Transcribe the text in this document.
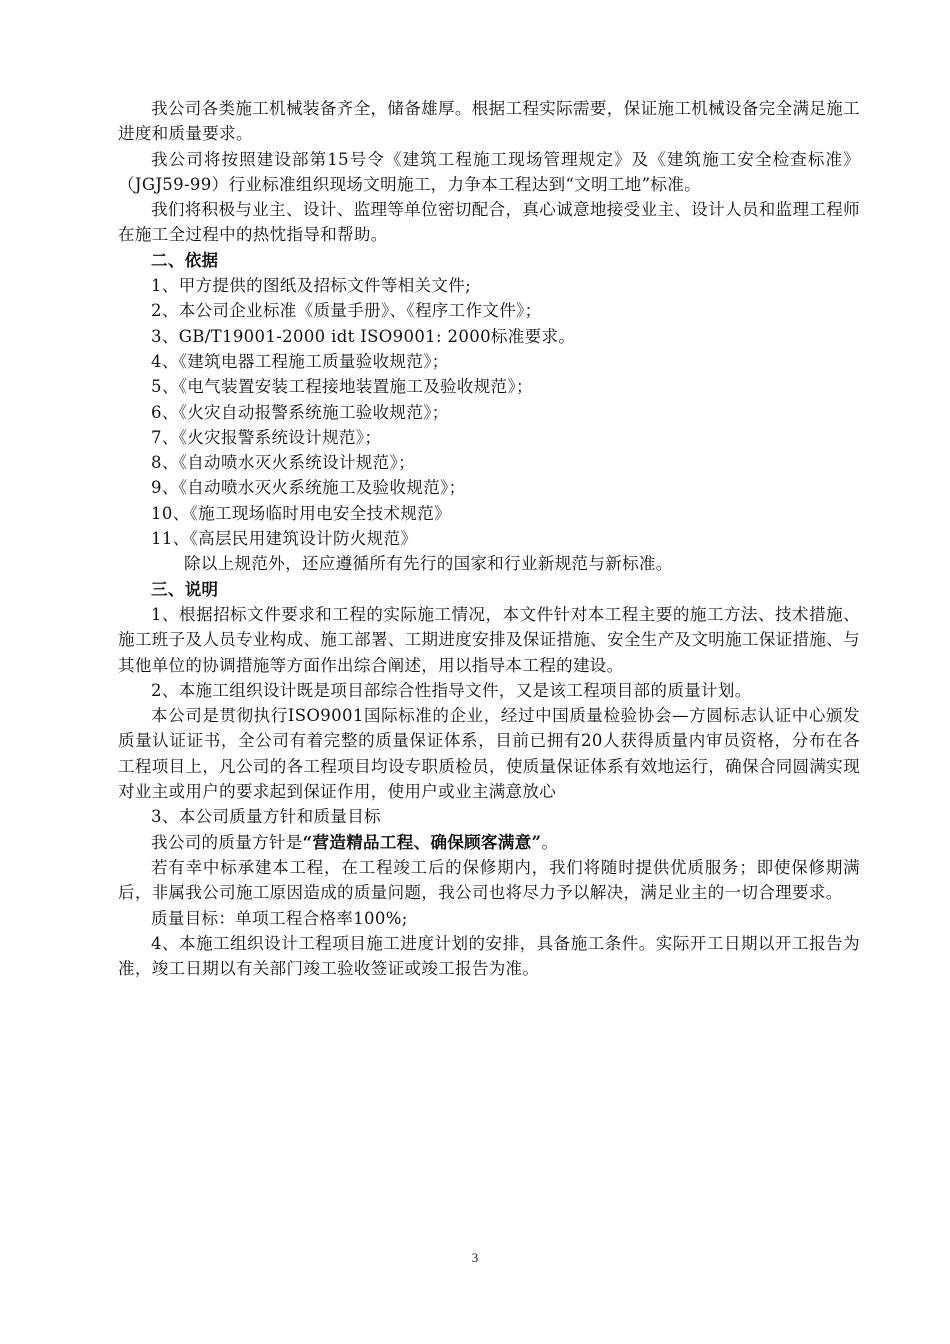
我公司各类施工机械装备齐全，储备雄厚。根据工程实际需要，保证施工机械设备完全满足施工进度和质量要求。

我公司将按照建设部第15号令《建筑工程施工现场管理规定》及《建筑施工安全检查标准》（JGJ59-99）行业标准组织现场文明施工，力争本工程达到“文明工地”标准。

我们将积极与业主、设计、监理等单位密切配合，真心诚意地接受业主、设计人员和监理工程师在施工全过程中的热忱指导和帮助。

二、依据

1、甲方提供的图纸及招标文件等相关文件;

2、本公司企业标准《质量手册》、《程序工作文件》；

3、GB/T19001-2000 idt ISO9001: 2000标准要求。

4、《建筑电器工程施工质量验收规范》；

5、《电气装置安装工程接地装置施工及验收规范》；

6、《火灾自动报警系统施工验收规范》；

7、《火灾报警系统设计规范》；

8、《自动喷水灭火系统设计规范》；

9、《自动喷水灭火系统施工及验收规范》；

10、《施工现场临时用电安全技术规范》

11、《高层民用建筑设计防火规范》

除以上规范外，还应遵循所有先行的国家和行业新规范与新标准。

三、说明

1、根据招标文件要求和工程的实际施工情况，本文件针对本工程主要的施工方法、技术措施、施工班子及人员专业构成、施工部署、工期进度安排及保证措施、安全生产及文明施工保证措施、与其他单位的协调措施等方面作出综合阐述，用以指导本工程的建设。

2、本施工组织设计既是项目部综合性指导文件，又是该工程项目部的质量计划。

本公司是贯彻执行ISO9001国际标准的企业，经过中国质量检验协会—方圆标志认证中心颁发质量认证证书，全公司有着完整的质量保证体系，目前已拥有20人获得质量内审员资格，分布在各工程项目上，凡公司的各工程项目均设专职质检员，使质量保证体系有效地运行，确保合同圆满实现对业主或用户的要求起到保证作用，使用户或业主满意放心

3、本公司质量方针和质量目标

我公司的质量方针是“营造精品工程、确保顾客满意”。

若有幸中标承建本工程，在工程竣工后的保修期内，我们将随时提供优质服务；即使保修期满后，非属我公司施工原因造成的质量问题，我公司也将尽力予以解决，满足业主的一切合理要求。

质量目标：单项工程合格率100%;

4、本施工组织设计工程项目施工进度计划的安排，具备施工条件。实际开工日期以开工报告为准，竣工日期以有关部门竣工验收签证或竣工报告为准。

3
